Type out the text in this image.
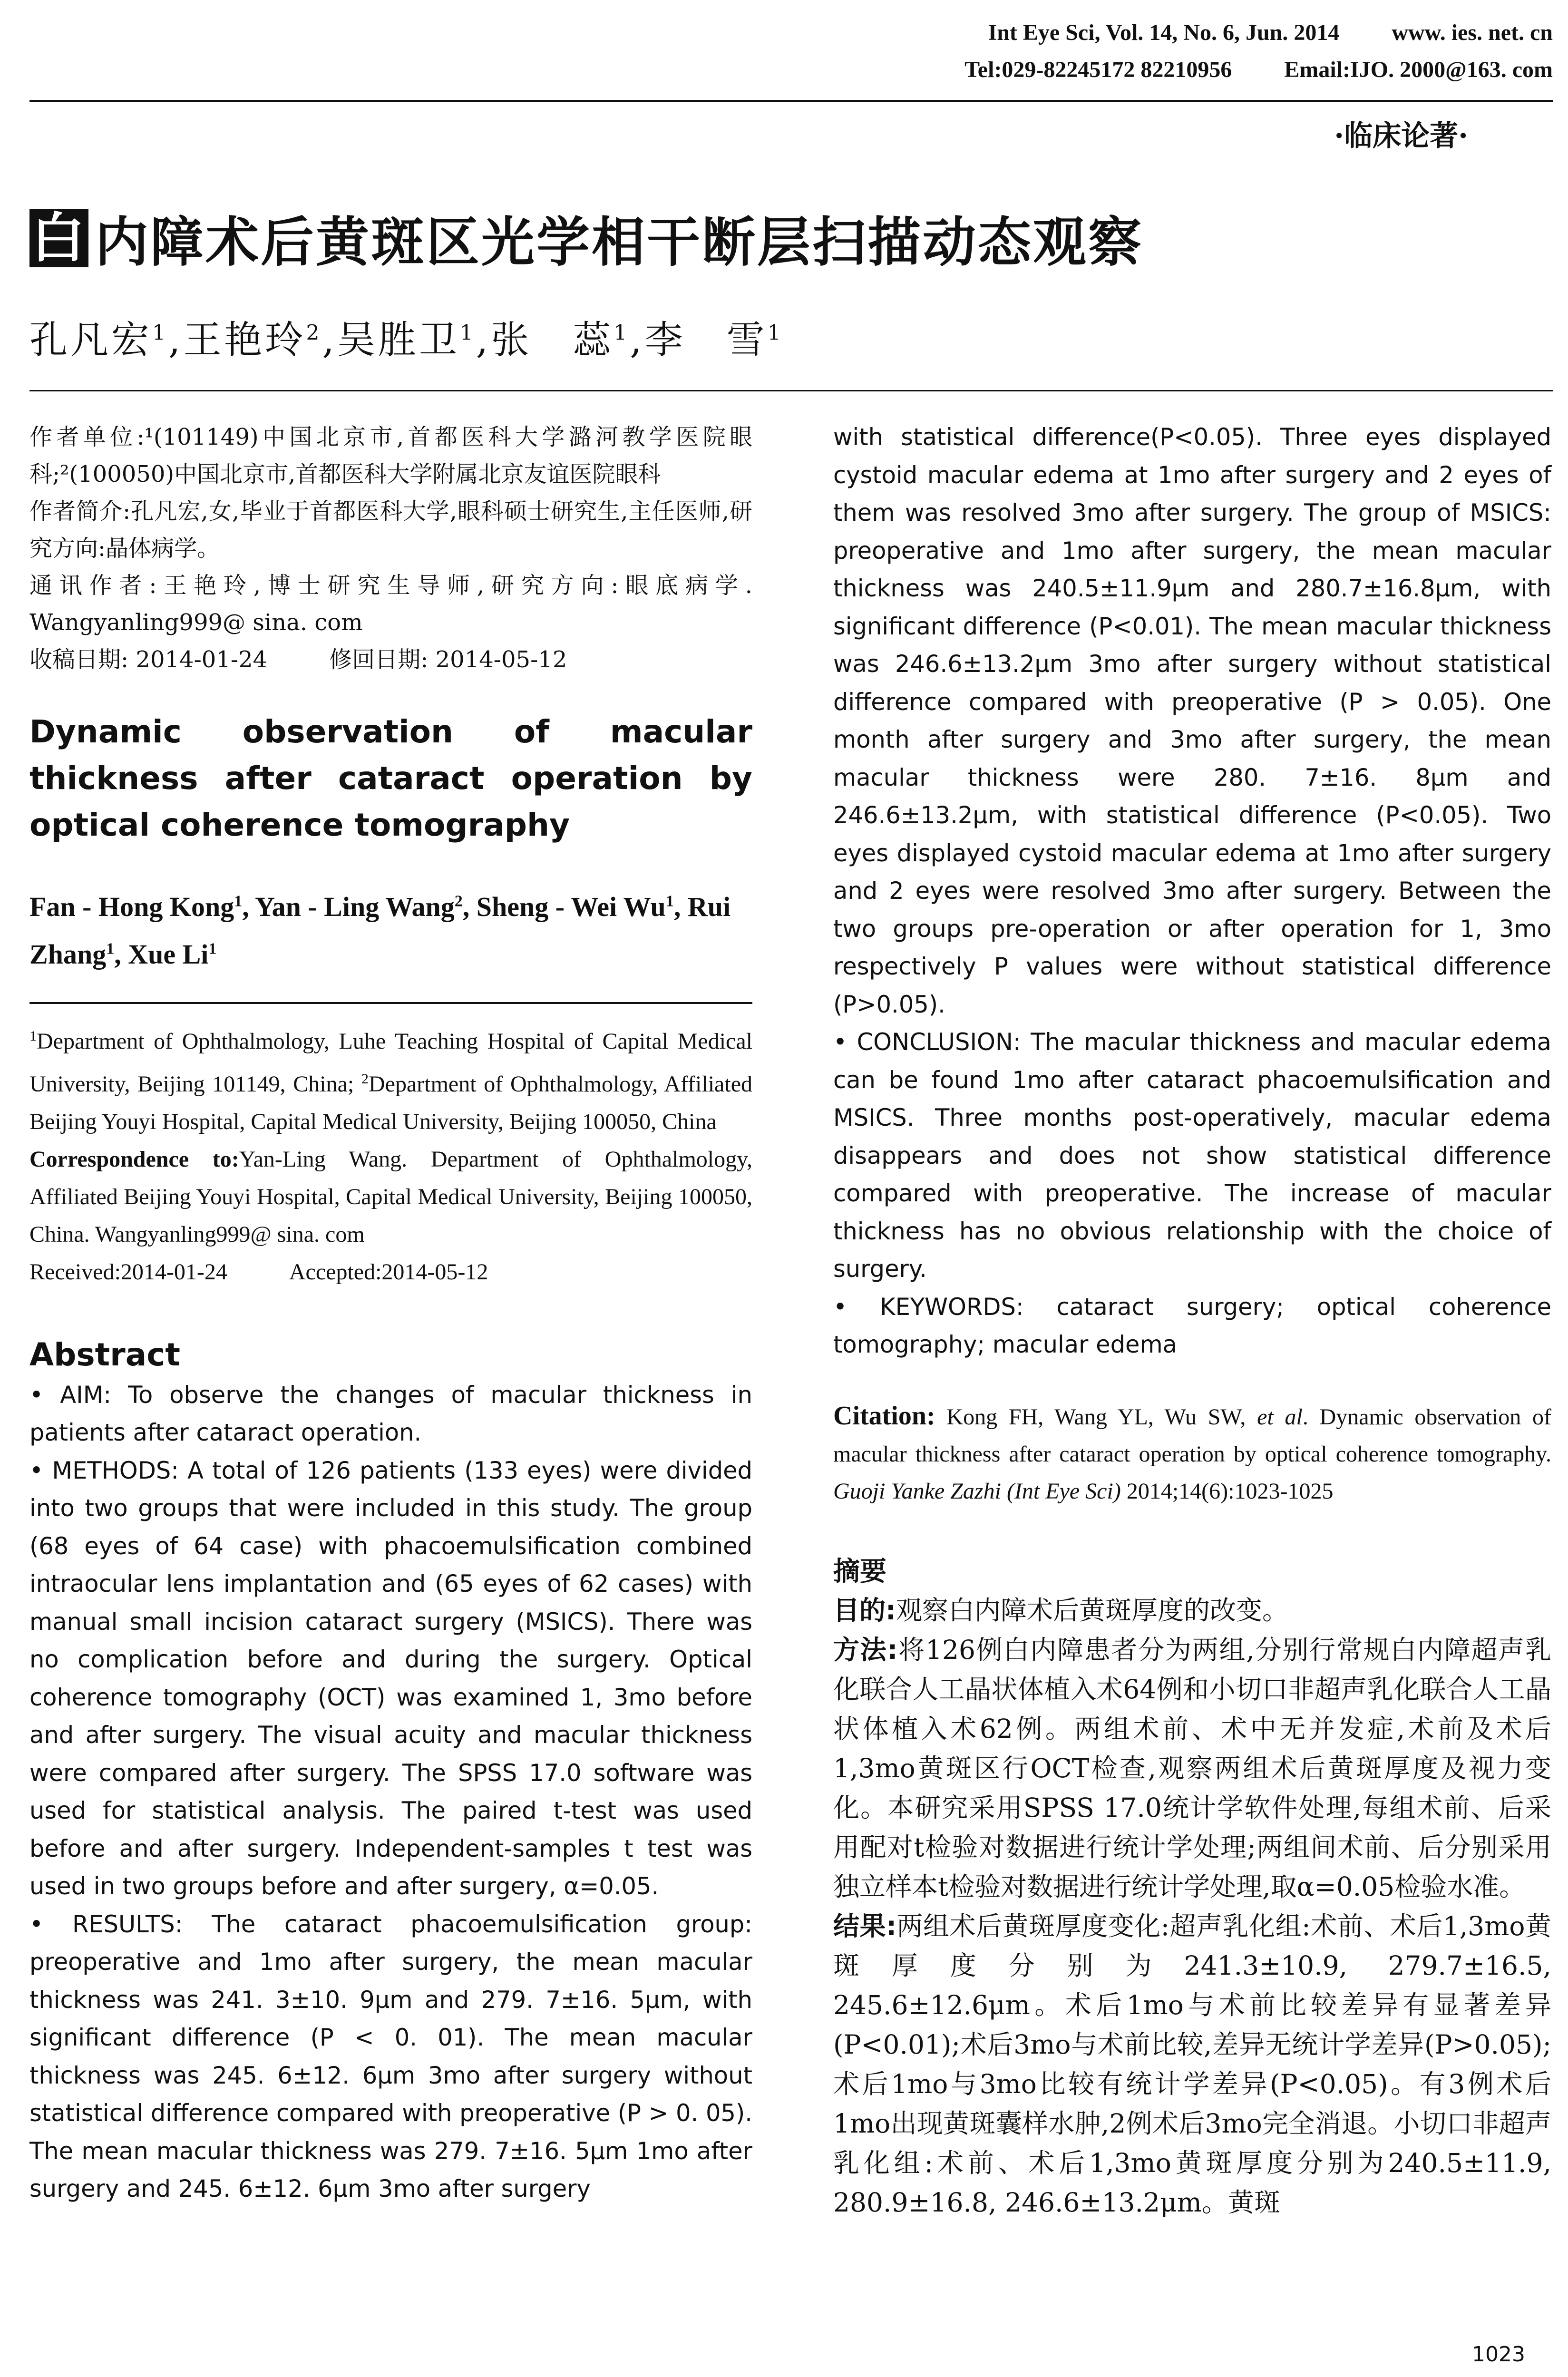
Int Eye Sci, Vol. 14, No. 6, Jun. 2014 www. ies. net. cn
Tel:029-82245172 82210956 Email:IJO. 2000@163. com
·临床论著·
白 内障术后黄斑区光学相干断层扫描动态观察
孔凡宏$^1$,王艳玲$^2$,吴胜卫$^1$,张　蕊$^1$,李　雪$^1$

作者单位:¹(101149)中国北京市,首都医科大学潞河教学医院眼科;²(100050)中国北京市,首都医科大学附属北京友谊医院眼科

作者简介:孔凡宏,女,毕业于首都医科大学,眼科硕士研究生,主任医师,研究方向:晶体病学。

通讯作者:王艳玲,博士研究生导师,研究方向:眼底病学. Wangyanling999@ sina. com

收稿日期: 2014-01-24	修回日期: 2014-05-12

Dynamic observation of macular thickness after cataract operation by optical coherence tomography
Fan - Hong Kong$^1$, Yan - Ling Wang$^2$, Sheng - Wei Wu$^1$, Rui Zhang$^1$, Xue Li$^1$

$^1$Department of Ophthalmology, Luhe Teaching Hospital of Capital Medical University, Beijing 101149, China; $^2$Department of Ophthalmology, Affiliated Beijing Youyi Hospital, Capital Medical University, Beijing 100050, China

Correspondence to:Yan-Ling Wang. Department of Ophthalmology, Affiliated Beijing Youyi Hospital, Capital Medical University, Beijing 100050, China. Wangyanling999@ sina. com

Received:2014-01-24	Accepted:2014-05-12

Abstract

• AIM: To observe the changes of macular thickness in patients after cataract operation.

• METHODS: A total of 126 patients (133 eyes) were divided into two groups that were included in this study. The group (68 eyes of 64 case) with phacoemulsification combined intraocular lens implantation and (65 eyes of 62 cases) with manual small incision cataract surgery (MSICS). There was no complication before and during the surgery. Optical coherence tomography (OCT) was examined 1, 3mo before and after surgery. The visual acuity and macular thickness were compared after surgery. The SPSS 17.0 software was used for statistical analysis. The paired t-test was used before and after surgery. Independent-samples t test was used in two groups before and after surgery, α=0.05.

• RESULTS: The cataract phacoemulsification group: preoperative and 1mo after surgery, the mean macular thickness was 241. 3±10. 9μm and 279. 7±16. 5μm, with significant difference (P < 0. 01). The mean macular thickness was 245. 6±12. 6μm 3mo after surgery without statistical difference compared with preoperative (P > 0. 05). The mean macular thickness was 279. 7±16. 5μm 1mo after surgery and 245. 6±12. 6μm 3mo after surgery

with statistical difference(P<0.05). Three eyes displayed cystoid macular edema at 1mo after surgery and 2 eyes of them was resolved 3mo after surgery. The group of MSICS: preoperative and 1mo after surgery, the mean macular thickness was 240.5±11.9μm and 280.7±16.8μm, with significant difference (P<0.01). The mean macular thickness was 246.6±13.2μm 3mo after surgery without statistical difference compared with preoperative (P > 0.05). One month after surgery and 3mo after surgery, the mean macular thickness were 280. 7±16. 8μm and 246.6±13.2μm, with statistical difference (P<0.05). Two eyes displayed cystoid macular edema at 1mo after surgery and 2 eyes were resolved 3mo after surgery. Between the two groups pre-operation or after operation for 1, 3mo respectively P values were without statistical difference (P>0.05).

• CONCLUSION: The macular thickness and macular edema can be found 1mo after cataract phacoemulsification and MSICS. Three months post-operatively, macular edema disappears and does not show statistical difference compared with preoperative. The increase of macular thickness has no obvious relationship with the choice of surgery.

• KEYWORDS: cataract surgery; optical coherence tomography; macular edema

Citation: Kong FH, Wang YL, Wu SW, et al. Dynamic observation of macular thickness after cataract operation by optical coherence tomography. Guoji Yanke Zazhi (Int Eye Sci) 2014;14(6):1023-1025
摘要

目的:观察白内障术后黄斑厚度的改变。

方法:将126例白内障患者分为两组,分别行常规白内障超声乳化联合人工晶状体植入术64例和小切口非超声乳化联合人工晶状体植入术62例。两组术前、术中无并发症,术前及术后1,3mo黄斑区行OCT检查,观察两组术后黄斑厚度及视力变化。本研究采用SPSS 17.0统计学软件处理,每组术前、后采用配对t检验对数据进行统计学处理;两组间术前、后分别采用独立样本t检验对数据进行统计学处理,取α=0.05检验水准。

结果:两组术后黄斑厚度变化:超声乳化组:术前、术后1,3mo黄斑厚度分别为241.3±10.9, 279.7±16.5, 245.6±12.6μm。术后1mo与术前比较差异有显著差异(P<0.01);术后3mo与术前比较,差异无统计学差异(P>0.05);术后1mo与3mo比较有统计学差异(P<0.05)。有3例术后1mo出现黄斑囊样水肿,2例术后3mo完全消退。小切口非超声乳化组:术前、术后1,3mo黄斑厚度分别为240.5±11.9, 280.9±16.8, 246.6±13.2μm。黄斑

1023
